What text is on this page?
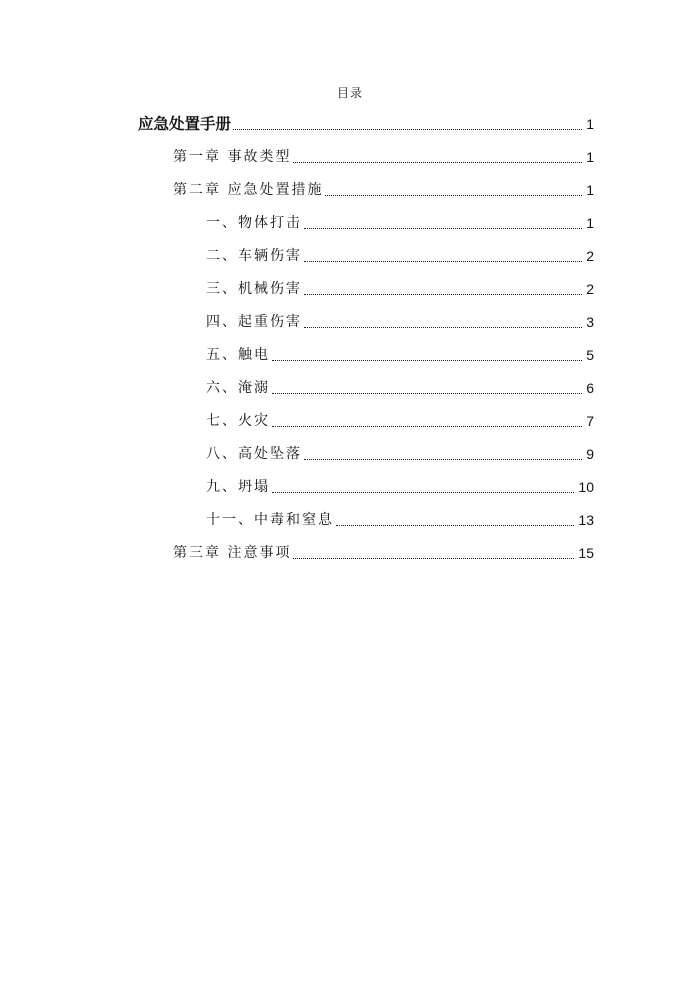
目录
应急处置手册	1
第一章 事故类型	1
第二章 应急处置措施	1
一、物体打击	1
二、车辆伤害	2
三、机械伤害	2
四、起重伤害	3
五、触电	5
六、淹溺	6
七、火灾	7
八、高处坠落	9
九、坍塌	10
十一、中毒和窒息	13
第三章 注意事项	15
